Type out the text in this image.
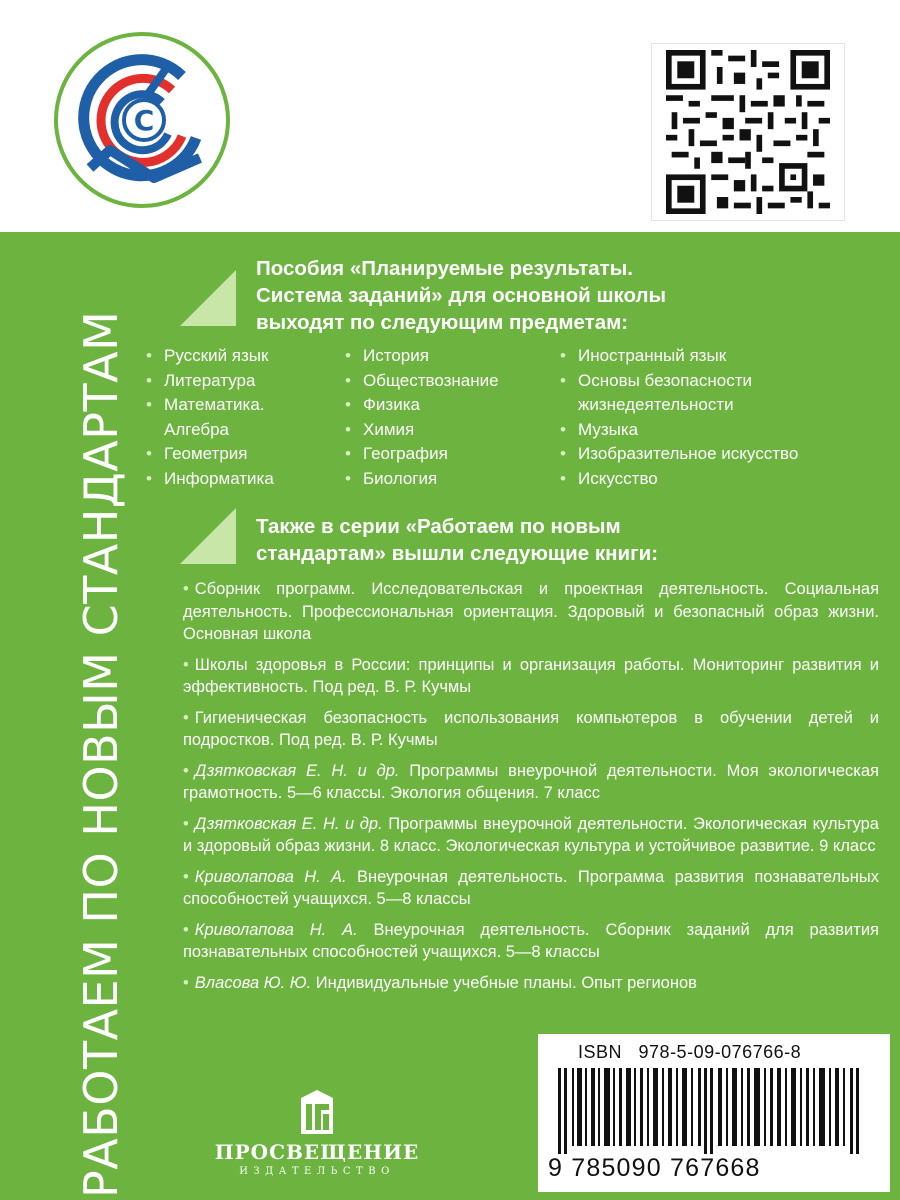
С
РАБОТАЕМ ПО НОВЫМ СТАНДАРТАМ
Пособия «Планируемые результаты.
Система заданий» для основной школы
выходят по следующим предметам:
• Русский язык
• Литература
• Математика.
Алгебра
• Геометрия
• Информатика
• История
• Обществознание
• Физика
• Химия
• География
• Биология
• Иностранный язык
• Основы безопасности
жизнедеятельности
• Музыка
• Изобразительное искусство
• Искусство
Также в серии «Работаем по новым
стандартам» вышли следующие книги:
• Сборник программ. Исследовательская и проектная деятельность. Социальная деятельность. Профессиональная ориентация. Здоровый и безопасный образ жизни. Основная школа
• Школы здоровья в России: принципы и организация работы. Мониторинг развития и эффективность. Под ред. В. Р. Кучмы
• Гигиеническая безопасность использования компьютеров в обучении детей и подростков. Под ред. В. Р. Кучмы
• Дзятковская Е. Н. и др. Программы внеурочной деятельности. Моя экологическая грамотность. 5—6 классы. Экология общения. 7 класс
• Дзятковская Е. Н. и др. Программы внеурочной деятельности. Экологическая культура и здоровый образ жизни. 8 класс. Экологическая культура и устойчивое развитие. 9 класс
• Криволапова Н. А. Внеурочная деятельность. Программа развития познавательных способностей учащихся. 5—8 классы
• Криволапова Н. А. Внеурочная деятельность. Сборник заданий для развития познавательных способностей учащихся. 5—8 классы
• Власова Ю. Ю. Индивидуальные учебные планы. Опыт регионов
ПРОСВЕЩЕНИЕ
ИЗДАТЕЛЬСТВО
ISBN 978-5-09-076766-8
9 785090 767668
